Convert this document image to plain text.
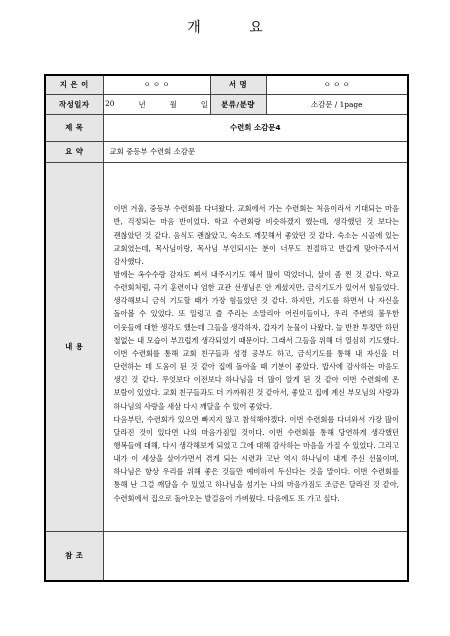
개 요
지 은 이	ㅇ ㅇ ㅇ	서 명	ㅇ ㅇ ㅇ
작성일자	20 년 월 일	분류/분량	소감문 / 1page
제 목	수련회 소감문4		
요 약	교회 중등부 수련회 소감문		
내 용	이번 겨울, 중등부 수련회를 다녀왔다. 교회에서 가는 수련회는 처음이라서 기대되는 마음 반, 걱정되는 마음 반이었다. 학교 수련회랑 비슷하겠지 했는데, 생각했던 것 보다는 괜찮았던 것 같다. 음식도 괜찮았고, 숙소도 깨끗해서 좋았던 것 같다. 숙소는 시골에 있는 교회였는데, 목사님이랑, 목사님 부인되시는 분이 너무도 친절하고 반갑게 맞아주셔서 감사했다.

밤에는 옥수수랑 감자도 쪄서 내주시기도 해서 많이 먹었더니, 살이 좀 찐 것 같다. 학교 수련회처럼, 극기 훈련이나 엄한 교관 선생님은 안 계셨지만, 금식기도가 있어서 힘들었다. 생각해보니 금식 기도할 때가 가장 힘들었던 것 같다. 하지만, 기도를 하면서 나 자신을 돌아볼 수 있었다. 또 일렁고 즐 주리는 소말리아 어린이들이나, 우리 주변의 불우한 이웃들에 대한 생각도 했는데 그들을 생각하자, 갑자기 눈물이 나왔다. 늘 반찬 투정만 하던 철없는 내 모습이 부끄럽게 생각되었기 때문이다. 그래서 그들을 위해 더 열심히 기도했다. 이번 수련회를 통해 교회 친구들과 성경 공부도 하고, 금식기도를 통해 내 자신을 더 단련하는 데 도움이 된 것 같아 집에 돌아올 때 기분이 좋았다. 밥사에 감사하는 마음도 생긴 것 같다. 무엇보다 이전보다 하나님을 더 많이 알게 된 것 같아 이번 수련회에 온 보람이 있었다. 교회 친구들과도 더 가까워진 것 같아서, 좋았고 집에 계신 부모님의 사랑과 하나님의 사랑을 새삼 다시 깨달을 수 있어 좋았다.

다음부턴, 수련회가 있으면 빠지지 않고 참석해야겠다. 이번 수련회를 다녀와서 가장 많이 달라진 것이 있다면 나의 마음가짐일 것이다. 이번 수련회를 통해 당연하게 생각했던 행복들에 대해, 다시 생각해보게 되었고 그에 대해 감사하는 마음을 가질 수 있었다. 그리고 내가 이 세상을 살아가면서 겪게 되는 시련과 고난 역시 하나님이 내게 주신 선물이며, 하나님은 항상 우리를 위해 좋은 것들만 예비하여 두신다는 것을 말이다. 이번 수련회를 통해 난 그걸 깨달을 수 있었고 하나님을 섬기는 나의 마음가짐도 조금은 달라진 것 같아, 수련회에서 집으로 돌아오는 발걸음이 가벼웠다. 다음에도 또 가고 싶다.		

참 조			
